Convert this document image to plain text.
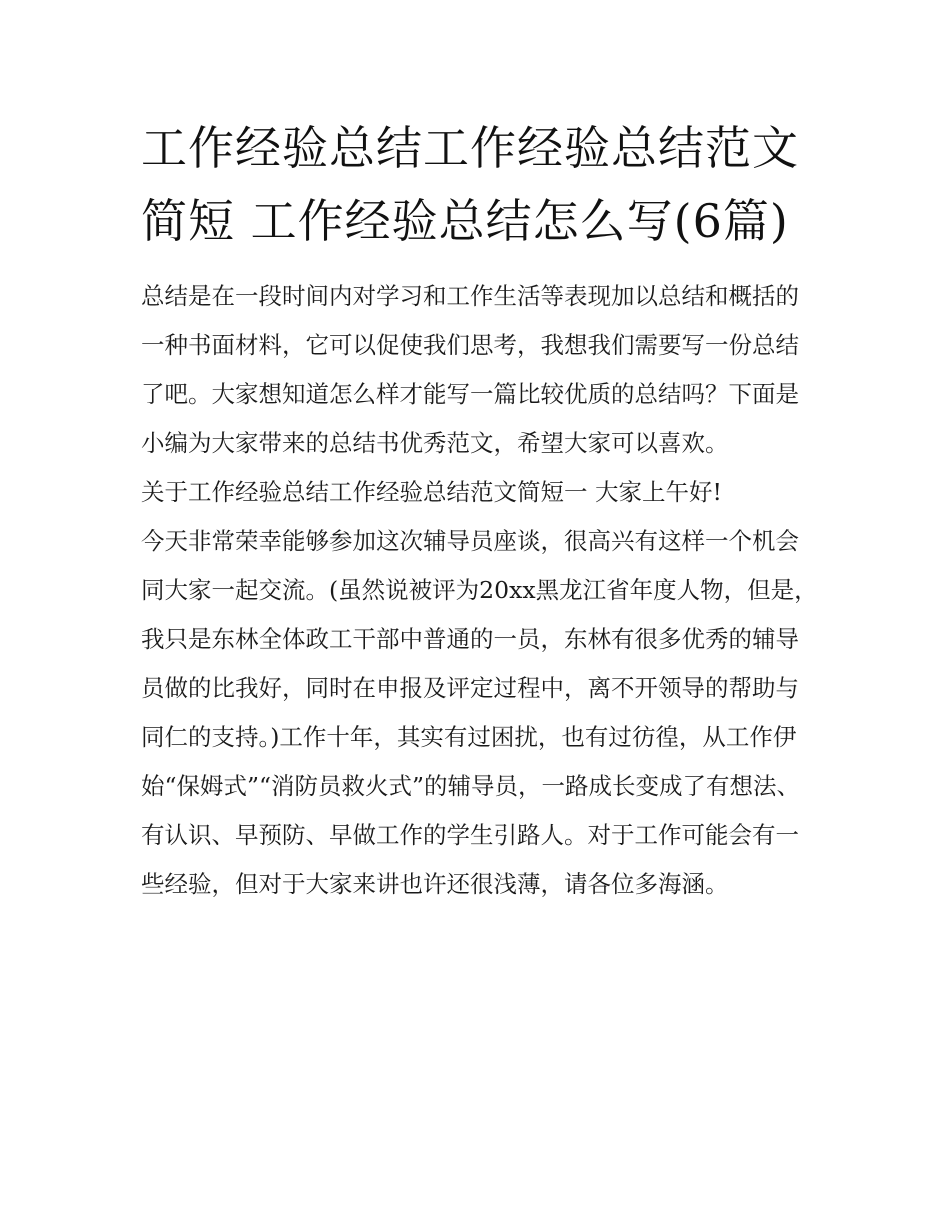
工作经验总结工作经验总结范文简短 工作经验总结怎么写(6篇)

总结是在一段时间内对学习和工作生活等表现加以总结和概括的一种书面材料，它可以促使我们思考，我想我们需要写一份总结了吧。大家想知道怎么样才能写一篇比较优质的总结吗？下面是小编为大家带来的总结书优秀范文，希望大家可以喜欢。

关于工作经验总结工作经验总结范文简短一 大家上午好!

今天非常荣幸能够参加这次辅导员座谈，很高兴有这样一个机会同大家一起交流。(虽然说被评为20xx黑龙江省年度人物，但是，我只是东林全体政工干部中普通的一员，东林有很多优秀的辅导员做的比我好，同时在申报及评定过程中，离不开领导的帮助与同仁的支持。)工作十年，其实有过困扰，也有过彷徨，从工作伊始“保姆式”“消防员救火式”的辅导员，一路成长变成了有想法、有认识、早预防、早做工作的学生引路人。对于工作可能会有一些经验，但对于大家来讲也许还很浅薄，请各位多海涵。
